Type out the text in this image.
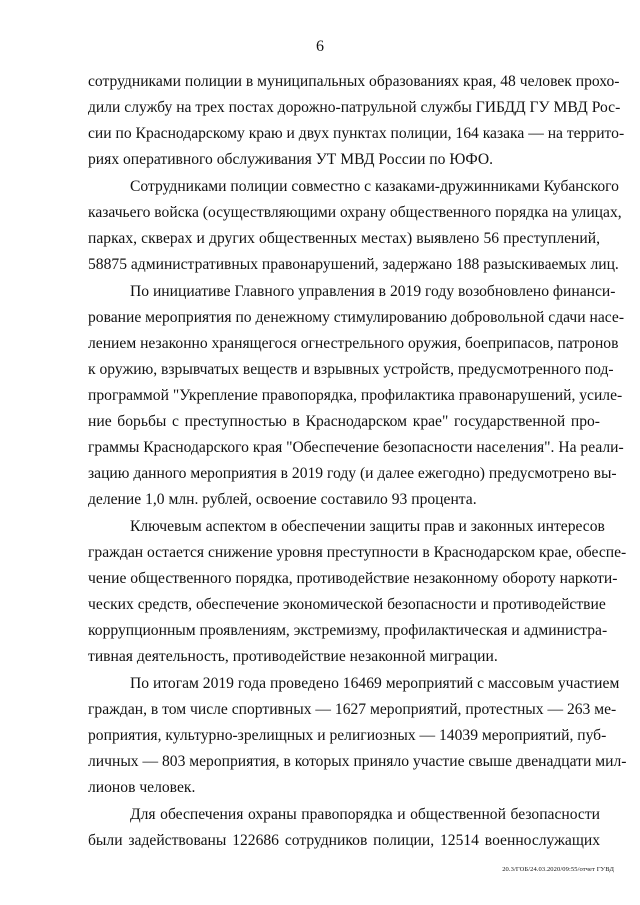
6
сотрудниками полиции в муниципальных образованиях края, 48 человек прохо-
дили службу на трех постах дорожно-патрульной службы ГИБДД ГУ МВД Рос-
сии по Краснодарскому краю и двух пунктах полиции, 164 казака — на террито-
риях оперативного обслуживания УТ МВД России по ЮФО.
Сотрудниками полиции совместно с казаками-дружинниками Кубанского
казачьего войска (осуществляющими охрану общественного порядка на улицах,
парках, скверах и других общественных местах) выявлено 56 преступлений,
58875 административных правонарушений, задержано 188 разыскиваемых лиц.
По инициативе Главного управления в 2019 году возобновлено финанси-
рование мероприятия по денежному стимулированию добровольной сдачи насе-
лением незаконно хранящегося огнестрельного оружия, боеприпасов, патронов
к оружию, взрывчатых веществ и взрывных устройств, предусмотренного под-
программой "Укрепление правопорядка, профилактика правонарушений, усиле-
ние борьбы с преступностью в Краснодарском крае" государственной про-
граммы Краснодарского края "Обеспечение безопасности населения". На реали-
зацию данного мероприятия в 2019 году (и далее ежегодно) предусмотрено вы-
деление 1,0 млн. рублей, освоение составило 93 процента.
Ключевым аспектом в обеспечении защиты прав и законных интересов
граждан остается снижение уровня преступности в Краснодарском крае, обеспе-
чение общественного порядка, противодействие незаконному обороту наркоти-
ческих средств, обеспечение экономической безопасности и противодействие
коррупционным проявлениям, экстремизму, профилактическая и администра-
тивная деятельность, противодействие незаконной миграции.
По итогам 2019 года проведено 16469 мероприятий с массовым участием
граждан, в том числе спортивных — 1627 мероприятий, протестных — 263 ме-
роприятия, культурно-зрелищных и религиозных — 14039 мероприятий, пуб-
личных — 803 мероприятия, в которых приняло участие свыше двенадцати мил-
лионов человек.
Для обеспечения охраны правопорядка и общественной безопасности
были задействованы 122686 сотрудников полиции, 12514 военнослужащих
20.3/ГОБ/24.03.2020/09:55/отчет ГУВД
